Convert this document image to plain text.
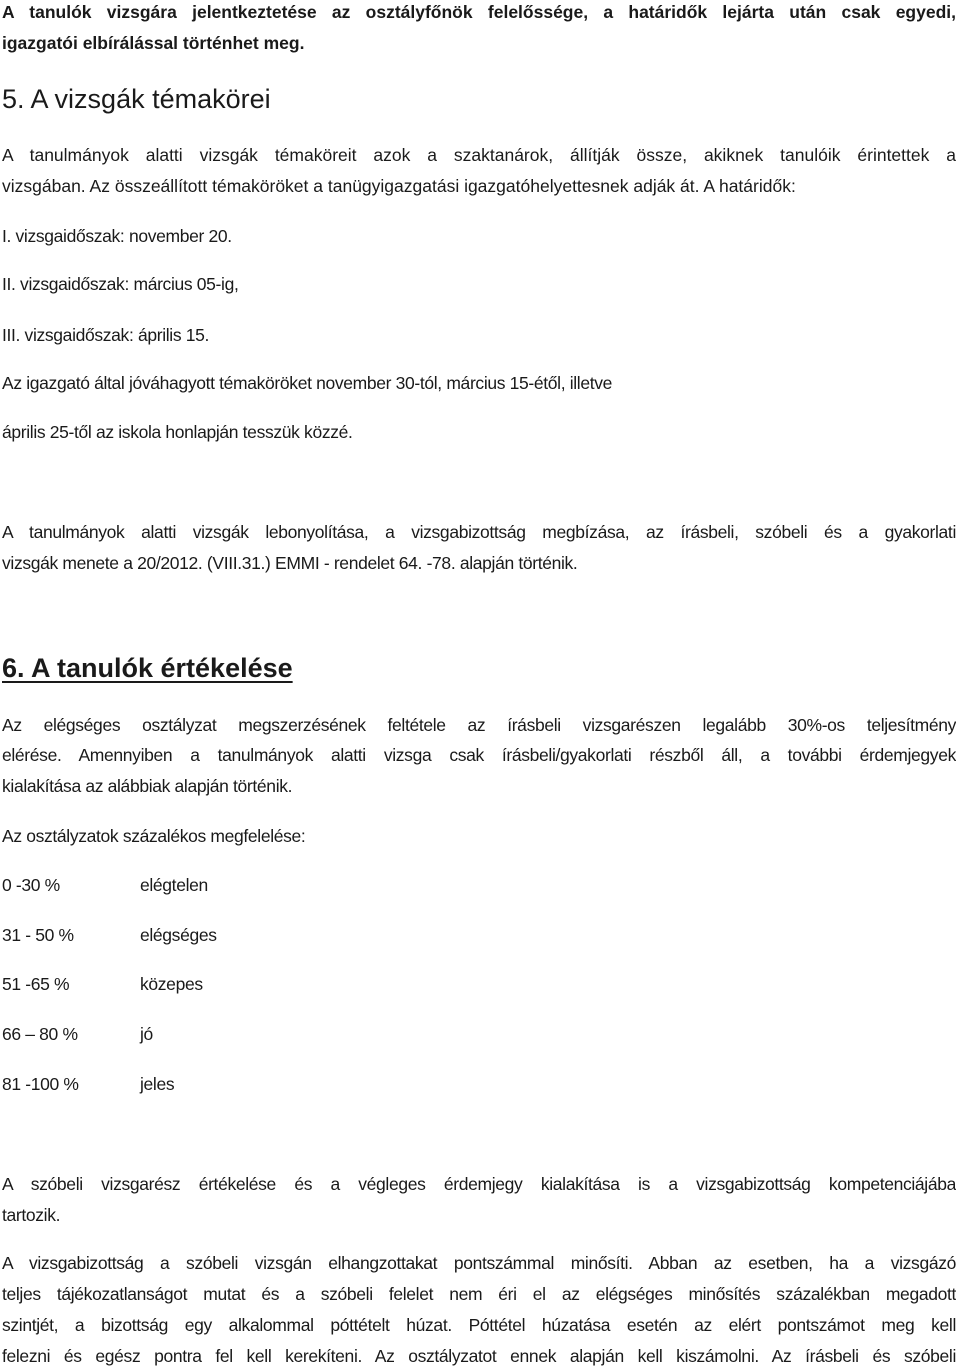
A tanulók vizsgára jelentkeztetése az osztályfőnök felelőssége, a határidők lejárta után csak egyedi,

igazgatói elbírálással történhet meg.

5. A vizsgák témakörei

A tanulmányok alatti vizsgák témaköreit azok a szaktanárok, állítják össze, akiknek tanulóik érintettek a

vizsgában. Az összeállított témaköröket a tanügyigazgatási igazgatóhelyettesnek adják át. A határidők:

I. vizsgaidőszak: november 20.

II. vizsgaidőszak: március 05-ig,

III. vizsgaidőszak: április 15.

Az igazgató által jóváhagyott témaköröket november 30-tól, március 15-étől, illetve

április 25-től az iskola honlapján tesszük közzé.

A tanulmányok alatti vizsgák lebonyolítása, a vizsgabizottság megbízása, az írásbeli, szóbeli és a gyakorlati

vizsgák menete a 20/2012. (VIII.31.) EMMI - rendelet 64. -78. alapján történik.

6. A tanulók értékelése

Az elégséges osztályzat megszerzésének feltétele az írásbeli vizsgarészen legalább 30%-os teljesítmény

elérése. Amennyiben a tanulmányok alatti vizsga csak írásbeli/gyakorlati részből áll, a további érdemjegyek

kialakítása az alábbiak alapján történik.

Az osztályzatok százalékos megfelelése:

0 -30 %	elégtelen
31 - 50 %	elégséges
51 -65 %	közepes
66 – 80 %	jó
81 -100 %	jeles

A szóbeli vizsgarész értékelése és a végleges érdemjegy kialakítása is a vizsgabizottság kompetenciájába

tartozik.

A vizsgabizottság a szóbeli vizsgán elhangzottakat pontszámmal minősíti. Abban az esetben, ha a vizsgázó

teljes tájékozatlanságot mutat és a szóbeli felelet nem éri el az elégséges minősítés százalékban megadott

szintjét, a bizottság egy alkalommal póttételt húzat. Póttétel húzatása esetén az elért pontszámot meg kell

felezni és egész pontra fel kell kerekíteni. Az osztályzatot ennek alapján kell kiszámolni. Az írásbeli és szóbeli
